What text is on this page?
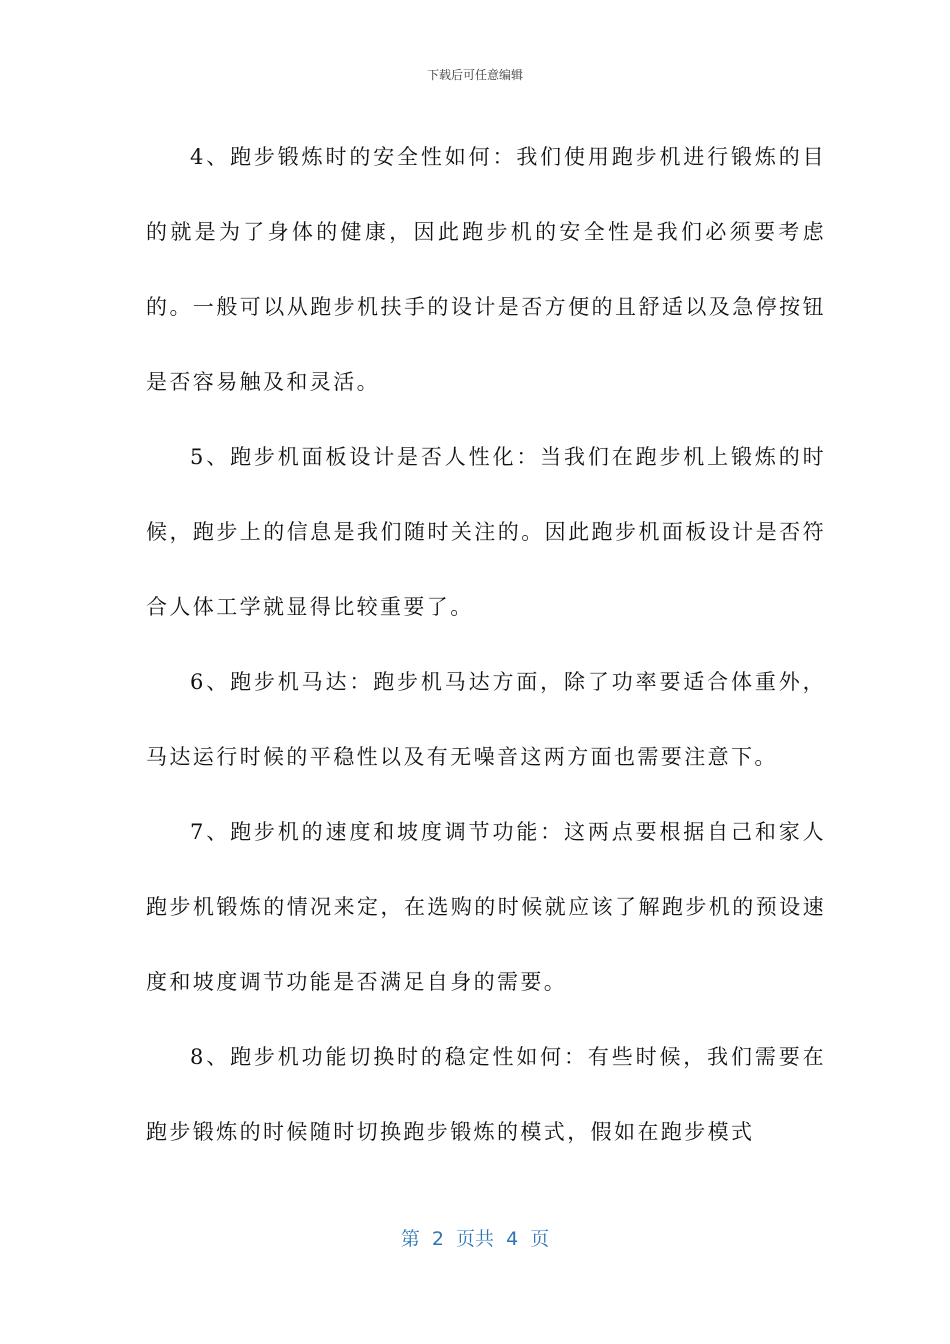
下载后可任意编辑

4、跑步锻炼时的安全性如何：我们使用跑步机进行锻炼的目的就是为了身体的健康，因此跑步机的安全性是我们必须要考虑的。一般可以从跑步机扶手的设计是否方便的且舒适以及急停按钮是否容易触及和灵活。

5、跑步机面板设计是否人性化：当我们在跑步机上锻炼的时候，跑步上的信息是我们随时关注的。因此跑步机面板设计是否符合人体工学就显得比较重要了。

6、跑步机马达：跑步机马达方面，除了功率要适合体重外，马达运行时候的平稳性以及有无噪音这两方面也需要注意下。

7、跑步机的速度和坡度调节功能：这两点要根据自己和家人跑步机锻炼的情况来定，在选购的时候就应该了解跑步机的预设速度和坡度调节功能是否满足自身的需要。

8、跑步机功能切换时的稳定性如何：有些时候，我们需要在跑步锻炼的时候随时切换跑步锻炼的模式，假如在跑步模式

第  2  页共  4  页
